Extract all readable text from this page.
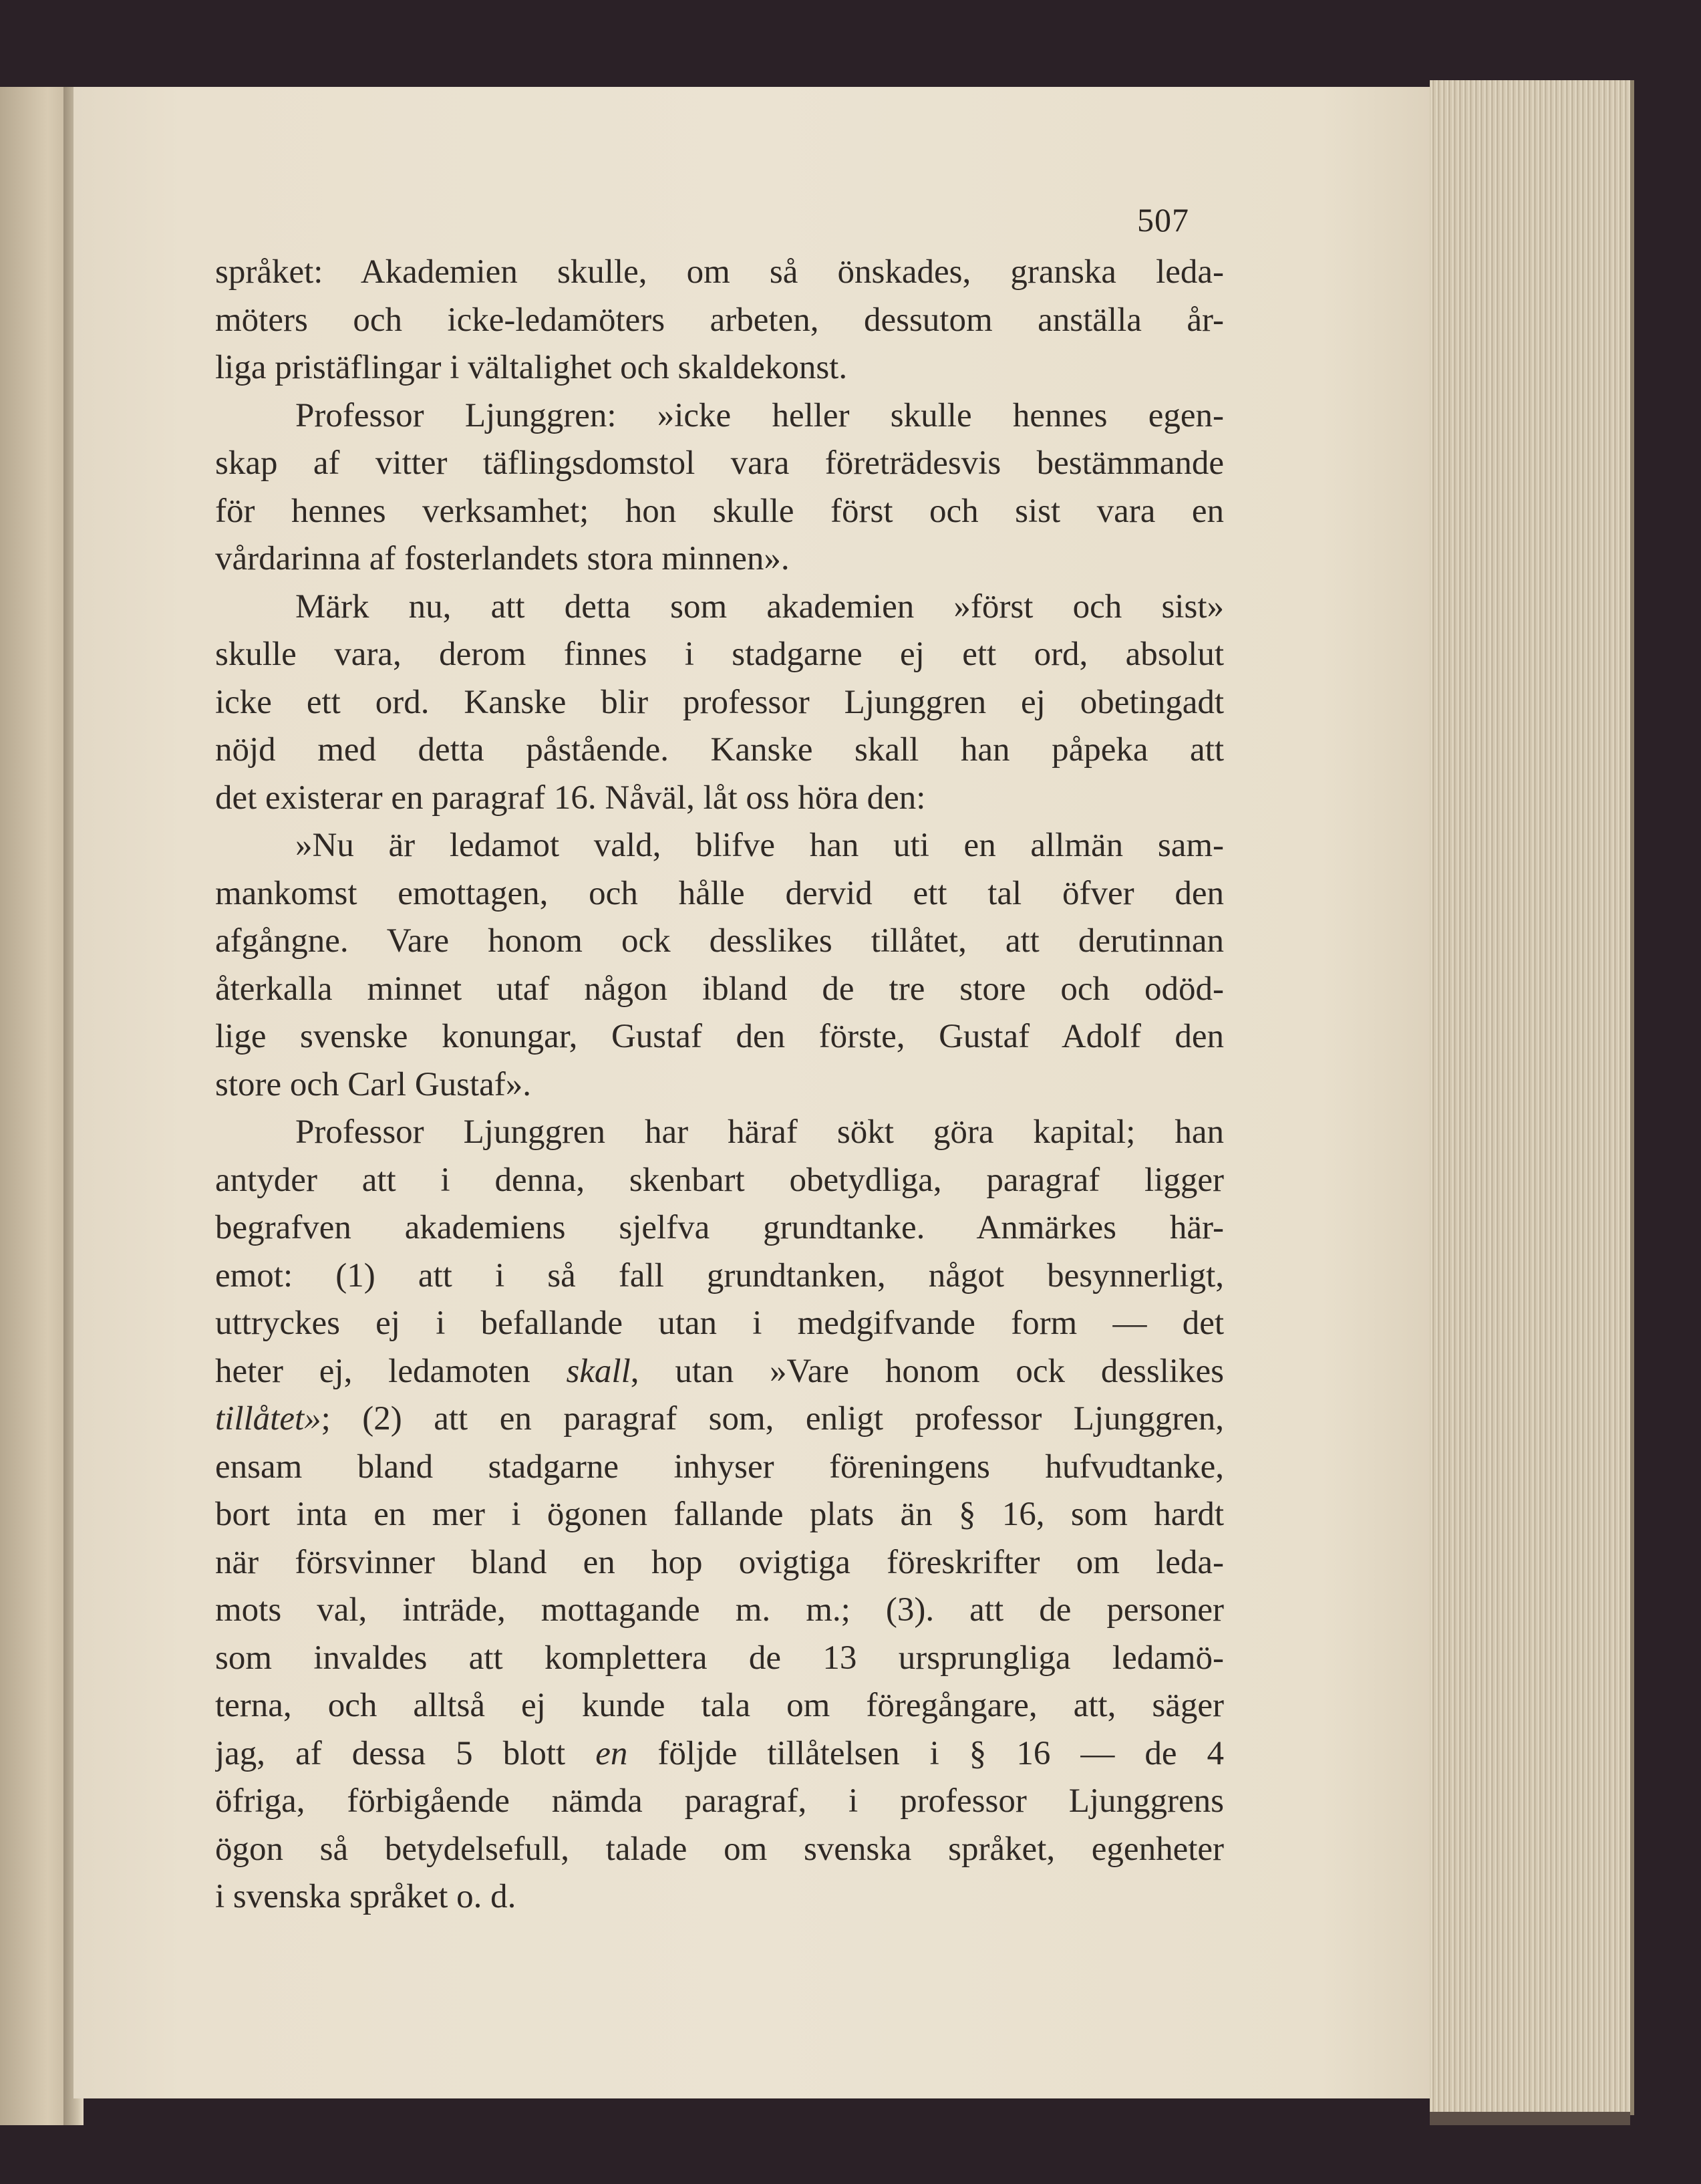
507
språket: Akademien skulle, om så önskades, granska leda-
möters och icke-ledamöters arbeten, dessutom anställa år-
liga pristäflingar i vältalighet och skaldekonst.
Professor Ljunggren: »icke heller skulle hennes egen-
skap af vitter täflingsdomstol vara företrädesvis bestämmande
för hennes verksamhet; hon skulle först och sist vara en
vårdarinna af fosterlandets stora minnen».
Märk nu, att detta som akademien »först och sist»
skulle vara, derom finnes i stadgarne ej ett ord, absolut
icke ett ord. Kanske blir professor Ljunggren ej obetingadt
nöjd med detta påstående. Kanske skall han påpeka att
det existerar en paragraf 16. Nåväl, låt oss höra den:
»Nu är ledamot vald, blifve han uti en allmän sam-
mankomst emottagen, och hålle dervid ett tal öfver den
afgångne. Vare honom ock desslikes tillåtet, att derutinnan
återkalla minnet utaf någon ibland de tre store och odöd-
lige svenske konungar, Gustaf den förste, Gustaf Adolf den
store och Carl Gustaf».
Professor Ljunggren har häraf sökt göra kapital; han
antyder att i denna, skenbart obetydliga, paragraf ligger
begrafven akademiens sjelfva grundtanke. Anmärkes här-
emot: (1) att i så fall grundtanken, något besynnerligt,
uttryckes ej i befallande utan i medgifvande form — det
heter ej, ledamoten skall, utan »Vare honom ock desslikes
tillåtet»; (2) att en paragraf som, enligt professor Ljunggren,
ensam bland stadgarne inhyser föreningens hufvudtanke,
bort inta en mer i ögonen fallande plats än § 16, som hardt
när försvinner bland en hop ovigtiga föreskrifter om leda-
mots val, inträde, mottagande m. m.; (3). att de personer
som invaldes att komplettera de 13 ursprungliga ledamö-
terna, och alltså ej kunde tala om föregångare, att, säger
jag, af dessa 5 blott en följde tillåtelsen i § 16 — de 4
öfriga, förbigående nämda paragraf, i professor Ljunggrens
ögon så betydelsefull, talade om svenska språket, egenheter
i svenska språket o. d.
